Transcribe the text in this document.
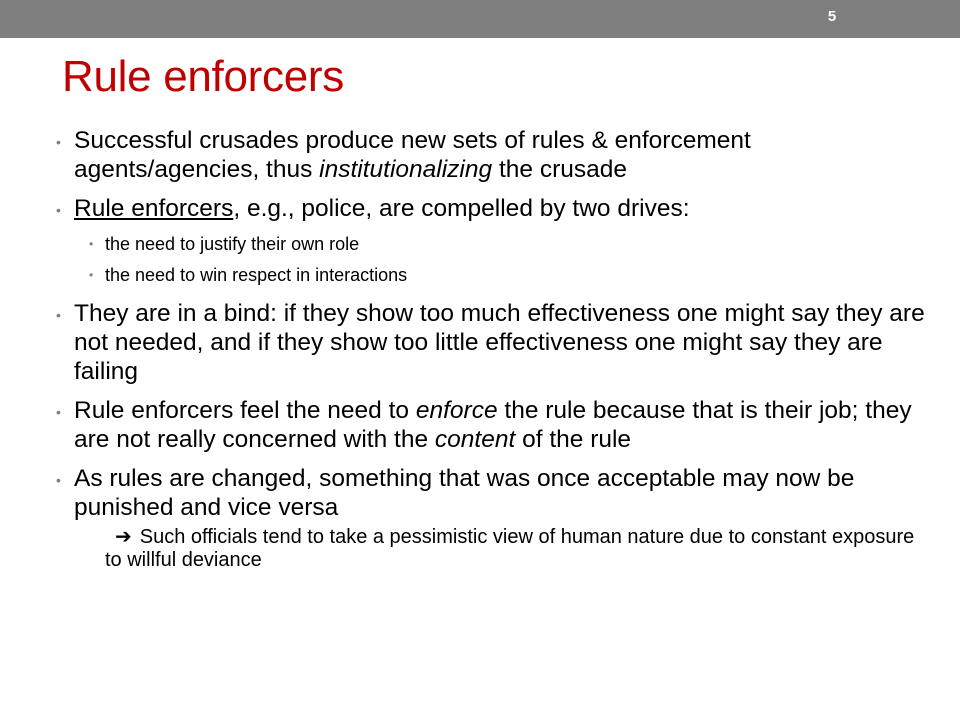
5
Rule enforcers
• Successful crusades produce new sets of rules & enforcement agents/agencies, thus institutionalizing the crusade
• Rule enforcers, e.g., police, are compelled by two drives:
• the need to justify their own role
• the need to win respect in interactions
• They are in a bind: if they show too much effectiveness one might say they are not needed, and if they show too little effectiveness one might say they are failing
• Rule enforcers feel the need to enforce the rule because that is their job; they are not really concerned with the content of the rule
• As rules are changed, something that was once acceptable may now be punished and vice versa
➔ Such officials tend to take a pessimistic view of human nature due to constant exposure to willful deviance
